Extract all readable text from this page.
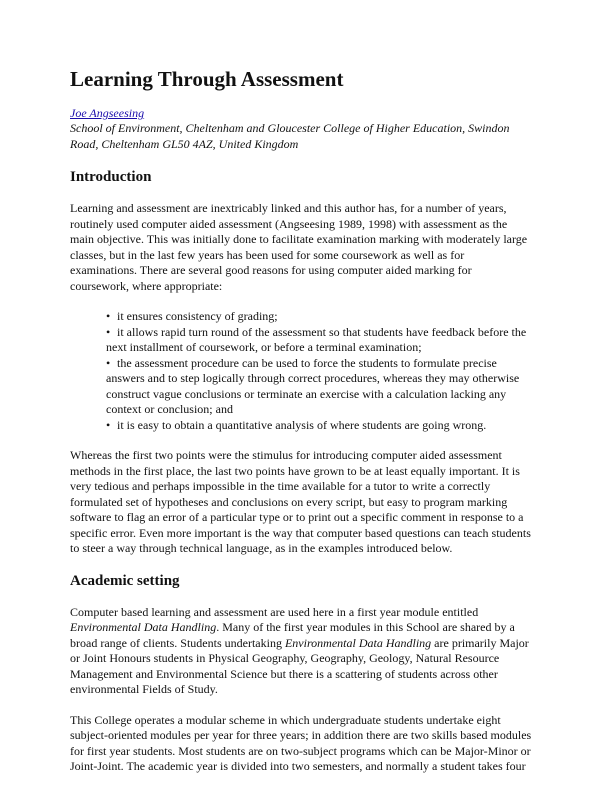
Learning Through Assessment

Joe Angseesing

School of Environment, Cheltenham and Gloucester College of Higher Education, Swindon Road, Cheltenham GL50 4AZ, United Kingdom

Introduction

Learning and assessment are inextricably linked and this author has, for a number of years, routinely used computer aided assessment (Angseesing 1989, 1998) with assessment as the main objective. This was initially done to facilitate examination marking with moderately large classes, but in the last few years has been used for some coursework as well as for examinations. There are several good reasons for using computer aided marking for coursework, where appropriate:

• it ensures consistency of grading;
• it allows rapid turn round of the assessment so that students have feedback before the next installment of coursework, or before a terminal examination;
• the assessment procedure can be used to force the students to formulate precise answers and to step logically through correct procedures, whereas they may otherwise construct vague conclusions or terminate an exercise with a calculation lacking any context or conclusion; and
• it is easy to obtain a quantitative analysis of where students are going wrong.

Whereas the first two points were the stimulus for introducing computer aided assessment methods in the first place, the last two points have grown to be at least equally important. It is very tedious and perhaps impossible in the time available for a tutor to write a correctly formulated set of hypotheses and conclusions on every script, but easy to program marking software to flag an error of a particular type or to print out a specific comment in response to a specific error. Even more important is the way that computer based questions can teach students to steer a way through technical language, as in the examples introduced below.

Academic setting

Computer based learning and assessment are used here in a first year module entitled Environmental Data Handling. Many of the first year modules in this School are shared by a broad range of clients. Students undertaking Environmental Data Handling are primarily Major or Joint Honours students in Physical Geography, Geography, Geology, Natural Resource Management and Environmental Science but there is a scattering of students across other environmental Fields of Study.

This College operates a modular scheme in which undergraduate students undertake eight subject-oriented modules per year for three years; in addition there are two skills based modules for first year students. Most students are on two-subject programs which can be Major-Minor or Joint-Joint. The academic year is divided into two semesters, and normally a student takes four
